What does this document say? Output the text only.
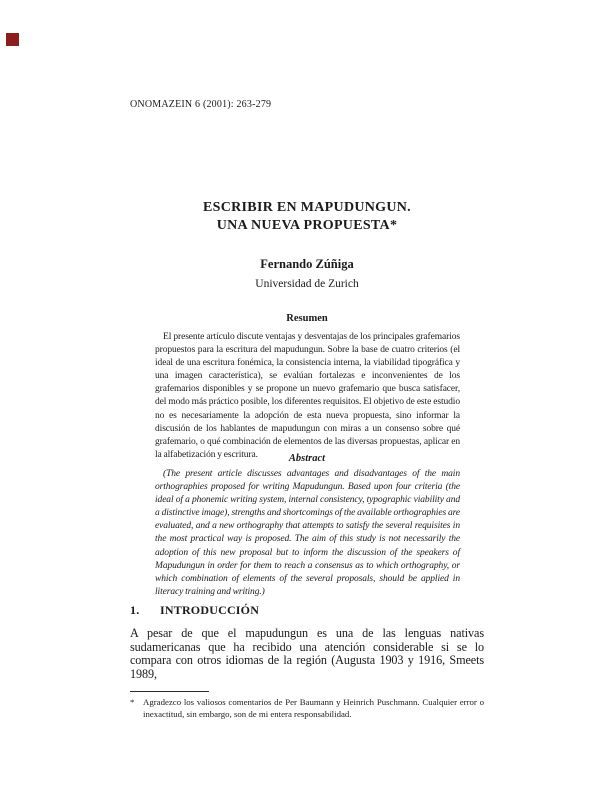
ONOMAZEIN 6 (2001): 263-279
ESCRIBIR EN MAPUDUNGUN.
UNA NUEVA PROPUESTA*
Fernando Zúñiga
Universidad de Zurich
Resumen
El presente artículo discute ventajas y desventajas de los principales grafemarios propuestos para la escritura del mapudungun. Sobre la base de cuatro criterios (el ideal de una escritura fonémica, la consistencia interna, la viabilidad tipográfica y una imagen característica), se evalúan fortalezas e inconvenientes de los grafemarios disponibles y se propone un nuevo grafemario que busca satisfacer, del modo más práctico posible, los diferentes requisitos. El objetivo de este estudio no es necesariamente la adopción de esta nueva propuesta, sino informar la discusión de los hablantes de mapudungun con miras a un consenso sobre qué grafemario, o qué combinación de elementos de las diversas propuestas, aplicar en la alfabetización y escritura.	Abstract
(The present article discusses advantages and disadvantages of the main orthographies proposed for writing Mapudungun. Based upon four criteria (the ideal of a phonemic writing system, internal consistency, typographic viability and a distinctive image), strengths and shortcomings of the available orthographies are evaluated, and a new orthography that attempts to satisfy the several requisites in the most practical way is proposed. The aim of this study is not necessarily the adoption of this new proposal but to inform the discussion of the speakers of Mapudungun in order for them to reach a consensus as to which orthography, or which combination of elements of the several proposals, should be applied in literacy training and writing.)
1. INTRODUCCIÓN
A pesar de que el mapudungun es una de las lenguas nativas sudamericanas que ha recibido una atención considerable si se lo compara con otros idiomas de la región (Augusta 1903 y 1916, Smeets 1989,
* Agradezco los valiosos comentarios de Per Baumann y Heinrich Puschmann. Cualquier error o inexactitud, sin embargo, son de mi entera responsabilidad.
